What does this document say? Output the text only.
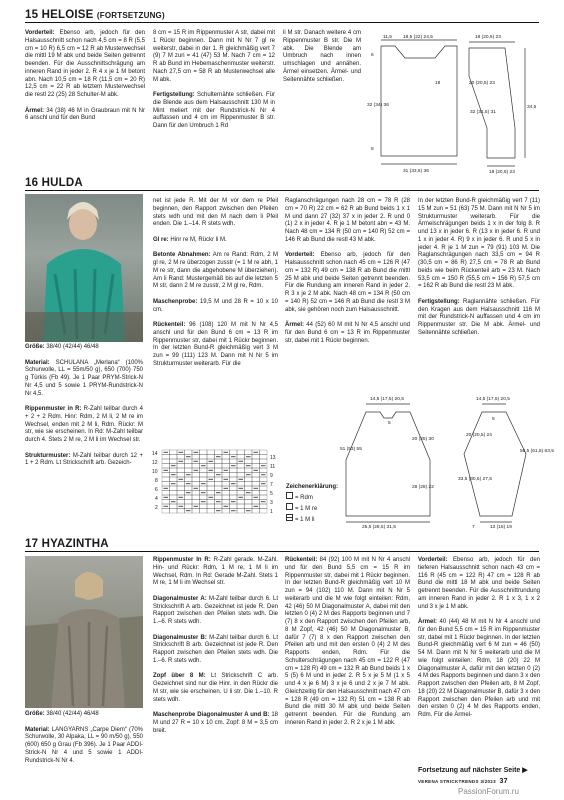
15 HELOISE (FORTSETZUNG)

Vorderteil: Ebenso arb, jedoch für den Halsausschnitt schon nach 4,5 cm = 8 R (5,5 cm = 10 R) 6,5 cm = 12 R ab Musterwechsel die mittl 19 M abk und beide Seiten getrennt beenden. Für die Ausschnittschrägung am inneren Rand in jeder 2. R 4 x je 1 M betont abn. Nach 10,5 cm = 18 R (11,5 cm = 20 R) 12,5 cm = 22 R ab letztem Musterwechsel die restl 22 (25) 28 Schulter-M abk.

Ärmel: 34 (38) 46 M in Graubraun mit N Nr 6 anschl und für den Bund

8 cm = 15 R im Rippenmuster A str, dabei mit 1 Rückr beginnen. Dann mit N Nr 7 gl re weiterstr, dabei in der 1. R gleichmäßig vert 7 (9) 7 M zun = 41 (47) 53 M. Nach 7 cm = 12 R ab Bund im Hebemaschenmuster weiterstr. Nach 27,5 cm = 58 R ab Musterwechsel alle M abk.

Fertigstellung: Schulternähte schließen. Für die Blende aus dem Halsausschnitt 130 M in Mint meliert mit der Rundstrick-N Nr 4 auffassen und 4 cm im Rippenmuster B str. Dann für den Umbruch 1 Rd

li M str. Danach weitere 4 cm Rippenmuster B str. Die M abk. Die Blende am Umbruch nach innen umschlagen und annähen. Ärmel einsetzen. Ärmel- und Seitennähte schließen.

11,5 18,5 (22) 24,5
6
32 (34) 36
18
31 (33,5) 36
8
18 (20,5) 23
18 (20,5) 23
34,5
32 (31,5) 31
20 (20,5) 23
16 HULDA

Größe: 38/40 (42/44) 46/48

Material: SCHULANA „Merlana“ (100% Schurwolle, LL = 55m/50 g), 650 (700) 750 g Türkis (Fb 49). Je 1 Paar PRYM-Strick-N Nr 4,5 und 5 sowie 1 PRYM-Rundstrick-N Nr 4,5.

Rippenmuster in R: R-Zahl teilbar durch 4 + 2 + 2 Rdm. Hinr: Rdm, 2 M li, 2 M re im Wechsel, enden mit 2 M li, Rdm. Rückr: M str, wie sie erscheinen. In Rd: M-Zahl teilbar durch 4. Stets 2 M re, 2 M li im Wechsel str.

Strukturmuster: M-Zahl teilbar durch 12 + 1 + 2 Rdm. Lt Strickschrift arb. Gezeich-

net ist jede R. Mit der M vor dem re Pfeil beginnen, den Rapport zwischen den Pfeilen stets wdh und mit den M nach dem li Pfeil enden. Die 1.–14. R stets wdh.

Gl re: Hinr re M, Rückr li M.

Betonte Abnahmen: Am re Rand: Rdm, 2 M gl re, 2 M re überzogen zusstr (= 1 M re abh, 1 M re str, dann die abgehobene M überziehen). Am li Rand: Mustergemäß bis auf die letzten 5 M str, dann 2 M re zusstr, 2 M gl re, Rdm.

Maschenprobe: 19,5 M und 28 R = 10 x 10 cm.

Rückenteil: 96 (108) 120 M mit N Nr 4,5 anschl und für den Bund 6 cm = 13 R im Rippenmuster str, dabei mit 1 Rückr beginnen. In der letzten Bund-R gleichmäßig vert 3 M zun = 99 (111) 123 M. Dann mit N Nr 5 im Strukturmuster weiterarb. Für die

Raglanschrägungen nach 28 cm = 78 R (28 cm = 70 R) 22 cm = 62 R ab Bund beids 1 x 1 M und dann 27 (32) 37 x in jeder 2. R und 0 (1) 2 x in jeder 4. R je 1 M betont abn = 43 M. Nach 48 cm = 134 R (50 cm = 140 R) 52 cm = 146 R ab Bund die restl 43 M abk.

Vorderteil: Ebenso arb, jedoch für den Halsausschnitt schon nach 45 cm = 126 R (47 cm = 132 R) 49 cm = 138 R ab Bund die mittl 25 M abk und beide Seiten getrennt beenden. Für die Rundung am inneren Rand in jeder 2. R 3 x je 2 M abk. Nach 48 cm = 134 R (50 cm = 140 R) 52 cm = 146 R ab Bund die restl 3 M abk, sie gehören noch zum Halsausschnitt.

Ärmel: 44 (52) 60 M mit N Nr 4,5 anschl und für den Bund 6 cm = 13 R im Rippenmuster str, dabei mit 1 Rückr beginnen.

In der letzten Bund-R gleichmäßig vert 7 (11) 15 M zun = 51 (63) 75 M. Dann mit N Nr 5 im Strukturmuster weiterarb. Für die Ärmelschrägungen beids 1 x in der folg 8. R und 13 x in jeder 6. R (13 x in jeder 6. R und 1 x in jeder 4. R) 9 x in jeder 6. R und 5 x in jeder 4. R je 1 M zun = 79 (91) 103 M. Die Raglanschrägungen nach 33,5 cm = 94 R (30,5 cm = 86 R) 27,5 cm = 78 R ab Bund beids wie beim Rückenteil arb = 23 M. Nach 53,5 cm = 150 R (55,5 cm = 156 R) 57,5 cm = 162 R ab Bund die restl 23 M abk.

Fertigstellung: Raglannähte schließen. Für den Kragen aus dem Halsausschnitt 116 M mit der Rundstrick-N auffassen und 4 cm im Rippenmuster str. Die M abk. Ärmel- und Seitennähte schließen.

14
12
10
8
6
4
2
13
11
9
7
5
3
1
Zeichenerklärung:
= Rdm
= 1 M re
= 1 M li
14,5 (17,5) 20,5
5
20 (25) 30
51 (53) 55
28 (28) 22
25,5 (28,5) 31,5
14,5 (17,5) 20,5
5
20 (20,5) 24
33,5 (30,5) 27,5
56,5 (61,5) 63,5
7	13 (16) 19
17 HYAZINTHA

Größe: 38/40 (42/44) 46/48

Material: LANGYARNS „Carpe Diem“ (70% Schurwolle, 30 Alpaka, LL = 90 m/50 g), 550 (600) 650 g Grau (Fb 396). Je 1 Paar ADDI-Strick-N Nr 4 und 5 sowie 1 ADDI-Rundstrick-N Nr 4.

Rippenmuster In R: R-Zahl gerade. M-Zahl. Hin- und Rückr: Rdm, 1 M re, 1 M li im Wechsel, Rdm. In Rd: Gerade M-Zahl. Stets 1 M re, 1 M li im Wechsel str.

Diagonalmuster A: M-Zahl teilbar durch 6. Lt Strickschrift A arb. Gezeichnet ist jede R. Den Rapport zwischen den Pfeilen stets wdh. Die 1.–6. R stets wdh.

Diagonalmuster B: M-Zahl teilbar durch 6. Lt Strickschrift B arb. Gezeichnet ist jede R. Den Rapport zwischen den Pfeilen stets wdh. Die 1.–6. R stets wdh.

Zopf über 8 M: Lt Strickschrift C arb. Gezeichnet sind nur die Hinr. in den Rückr die M str, wie sie erscheinen. U li str. Die 1.–10. R stets wdh.

Maschenprobe Diagonalmuster A und B: 18 M und 27 R = 10 x 10 cm. Zopf: 8 M = 3,5 cm breit.

Rückenteil: 84 (92) 100 M mit N Nr 4 anschl und für den Bund 5,5 cm = 15 R im Rippenmuster str, dabei mit 1 Rückr beginnen. In der letzten Bund-R gleichmäßig vert 10 M zun = 94 (102) 110 M. Dann mit N Nr 5 weiterarb und die M wie folgt einteilen: Rdm, 42 (46) 50 M Diagonalmuster A, dabei mit den letzten 0 (4) 2 M des Rapports beginnen und 7 (7) 8 x den Rapport zwischen den Pfeilen arb, 8 M Zopf, 42 (46) 50 M Diagonalmuster B, dafür 7 (7) 8 x den Rapport zwischen den Pfeilen arb und mit den ersten 0 (4) 2 M des Rapports enden, Rdm. Für die Schulterschrägungen nach 45 cm = 122 R (47 cm = 128 R) 49 cm = 132 R ab Bund beids 1 x 5 (5) 6 M und in jeder 2. R 5 x je 5 M (1 x 5 und 4 x je 6 M) 3 x je 6 und 2 x je 7 M abk. Gleichzeitig für den Halsausschnitt nach 47 cm = 128 R (49 cm = 132 R) 51 cm = 138 R ab Bund die mittl 30 M abk und beide Seiten getrennt beenden. Für die Rundung am inneren Rand in jeder 2. R 2 x je 1 M abk.

Vorderteil: Ebenso arb, jedoch für den tieferen Halsausschnitt schon nach 43 cm = 116 R (45 cm = 122 R) 47 cm = 128 R ab Bund die mittl 18 M abk und beide Seiten getrennt beenden. Für die Ausschnittrundung am inneren Rand in jeder 2. R 1 x 3, 1 x 2 und 3 x je 1 M abk.

Ärmel: 40 (44) 48 M mit N Nr 4 anschl und für den Bund 5,5 cm = 15 R im Rippenmuster str, dabei mit 1 Rückr beginnen. In der letzten Bund-R gleichmäßig vert 6 M zun = 46 (50) 54 M. Dann mit N Nr 5 weiterarb und die M wie folgt einteilen: Rdm, 18 (20) 22 M Diagonalmuster A, dafür mit den letzten 0 (2) 4 M des Rapports beginnen und dann 3 x den Rapport zwischen den Pfeilen arb, 8 M Zopf, 18 (20) 22 M Diagonalmuster B, dafür 3 x den Rapport zwischen den Pfeilen arb und mit den ersten 0 (2) 4 M des Rapports enden, Rdm. Für die Ärmel-

Fortsetzung auf nächster Seite ▶
VERENA STRICKTRENDS 3/2023 37
PassionForum.ru
